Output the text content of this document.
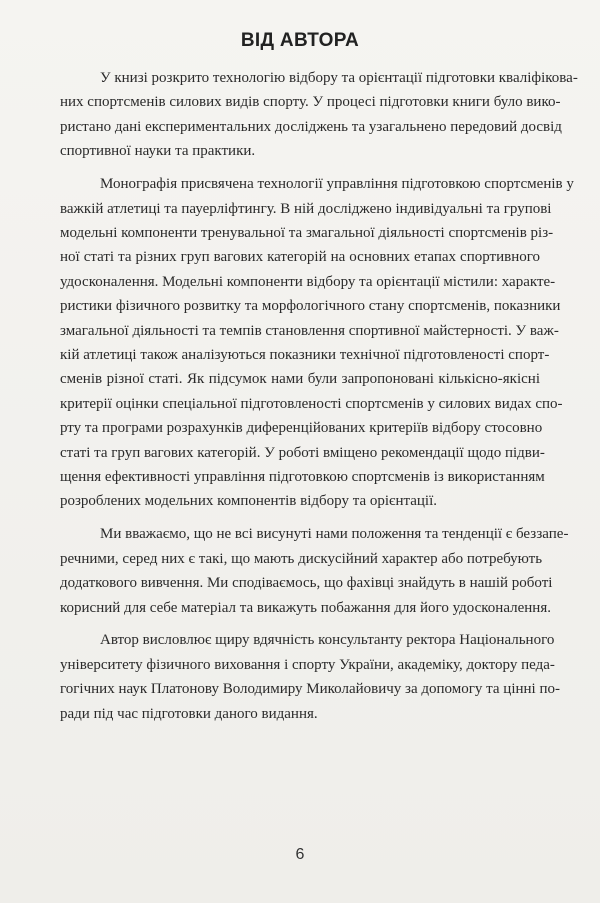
ВІД АВТОРА
У книзі розкрито технологію відбору та орієнтації підготовки кваліфікова-
них спортсменів силових видів спорту. У процесі підготовки книги було вико-
ристано дані експериментальних досліджень та узагальнено передовий досвід
спортивної науки та практики.
Монографія присвячена технології управління підготовкою спортсменів у
важкій атлетиці та пауерліфтингу. В ній досліджено індивідуальні та групові
модельні компоненти тренувальної та змагальної діяльності спортсменів різ-
ної статі та різних груп вагових категорій на основних етапах спортивного
удосконалення. Модельні компоненти відбору та орієнтації містили: характе-
ристики фізичного розвитку та морфологічного стану спортсменів, показники
змагальної діяльності та темпів становлення спортивної майстерності. У важ-
кій атлетиці також аналізуються показники технічної підготовленості спорт-
сменів різної статі. Як підсумок нами були запропоновані кількісно-якісні
критерії оцінки спеціальної підготовленості спортсменів у силових видах спо-
рту та програми розрахунків диференційованих критеріїв відбору стосовно
статі та груп вагових категорій. У роботі вміщено рекомендації щодо підви-
щення ефективності управління підготовкою спортсменів із використанням
розроблених модельних компонентів відбору та орієнтації.
Ми вважаємо, що не всі висунуті нами положення та тенденції є беззапе-
речними, серед них є такі, що мають дискусійний характер або потребують
додаткового вивчення. Ми сподіваємось, що фахівці знайдуть в нашій роботі
корисний для себе матеріал та викажуть побажання для його удосконалення.
Автор висловлює щиру вдячність консультанту ректора Національного
університету фізичного виховання і спорту України, академіку, доктору педа-
гогічних наук Платонову Володимиру Миколайовичу за допомогу та цінні по-
ради під час підготовки даного видання.
6
